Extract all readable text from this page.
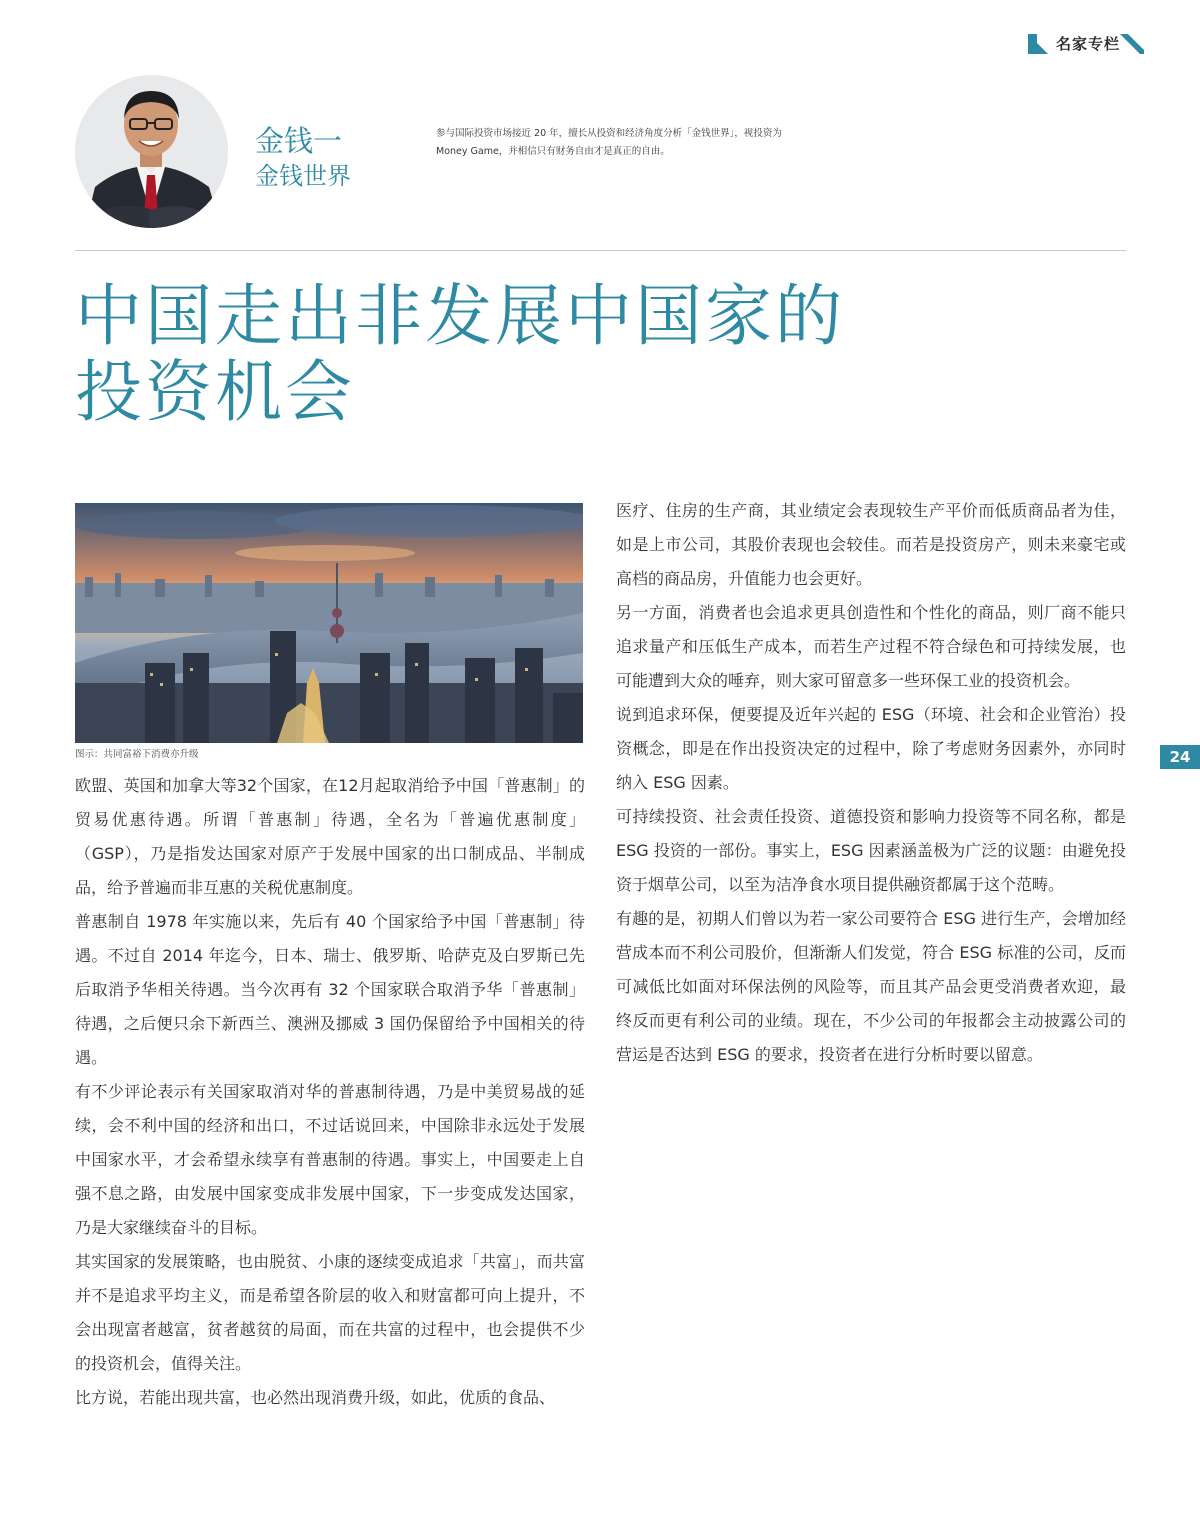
名家专栏
金钱一
金钱世界
参与国际投资市场接近 20 年，擅长从投资和经济角度分析「金钱世界」，视投资为 Money Game，并相信只有财务自由才是真正的自由。
中国走出非发展中国家的
投资机会
图示：共同富裕下消费亦升级

欧盟、英国和加拿大等32个国家，在12月起取消给予中国「普惠制」的贸易优惠待遇。所谓「普惠制」待遇，全名为「普遍优惠制度」（GSP），乃是指发达国家对原产于发展中国家的出口制成品、半制成品，给予普遍而非互惠的关税优惠制度。

普惠制自 1978 年实施以来，先后有 40 个国家给予中国「普惠制」待遇。不过自 2014 年迄今，日本、瑞士、俄罗斯、哈萨克及白罗斯已先后取消予华相关待遇。当今次再有 32 个国家联合取消予华「普惠制」待遇，之后便只余下新西兰、澳洲及挪威 3 国仍保留给予中国相关的待遇。

有不少评论表示有关国家取消对华的普惠制待遇，乃是中美贸易战的延续，会不利中国的经济和出口，不过话说回来，中国除非永远处于发展中国家水平，才会希望永续享有普惠制的待遇。事实上，中国要走上自强不息之路，由发展中国家变成非发展中国家，下一步变成发达国家，乃是大家继续奋斗的目标。

其实国家的发展策略，也由脱贫、小康的逐续变成追求「共富」，而共富并不是追求平均主义，而是希望各阶层的收入和财富都可向上提升，不会出现富者越富，贫者越贫的局面，而在共富的过程中，也会提供不少的投资机会，值得关注。

比方说，若能出现共富，也必然出现消费升级，如此，优质的食品、

医疗、住房的生产商，其业绩定会表现较生产平价而低质商品者为佳，如是上市公司，其股价表现也会较佳。而若是投资房产，则未来豪宅或高档的商品房，升值能力也会更好。

另一方面，消费者也会追求更具创造性和个性化的商品，则厂商不能只追求量产和压低生产成本，而若生产过程不符合绿色和可持续发展，也可能遭到大众的唾弃，则大家可留意多一些环保工业的投资机会。

说到追求环保，便要提及近年兴起的 ESG（环境、社会和企业管治）投资概念，即是在作出投资决定的过程中，除了考虑财务因素外，亦同时纳入 ESG 因素。

可持续投资、社会责任投资、道德投资和影响力投资等不同名称，都是 ESG 投资的一部份。事实上，ESG 因素涵盖极为广泛的议题：由避免投资于烟草公司，以至为洁净食水项目提供融资都属于这个范畴。

有趣的是，初期人们曾以为若一家公司要符合 ESG 进行生产，会增加经营成本而不利公司股价，但渐渐人们发觉，符合 ESG 标准的公司，反而可减低比如面对环保法例的风险等，而且其产品会更受消费者欢迎，最终反而更有利公司的业绩。现在，不少公司的年报都会主动披露公司的营运是否达到 ESG 的要求，投资者在进行分析时要以留意。

24
